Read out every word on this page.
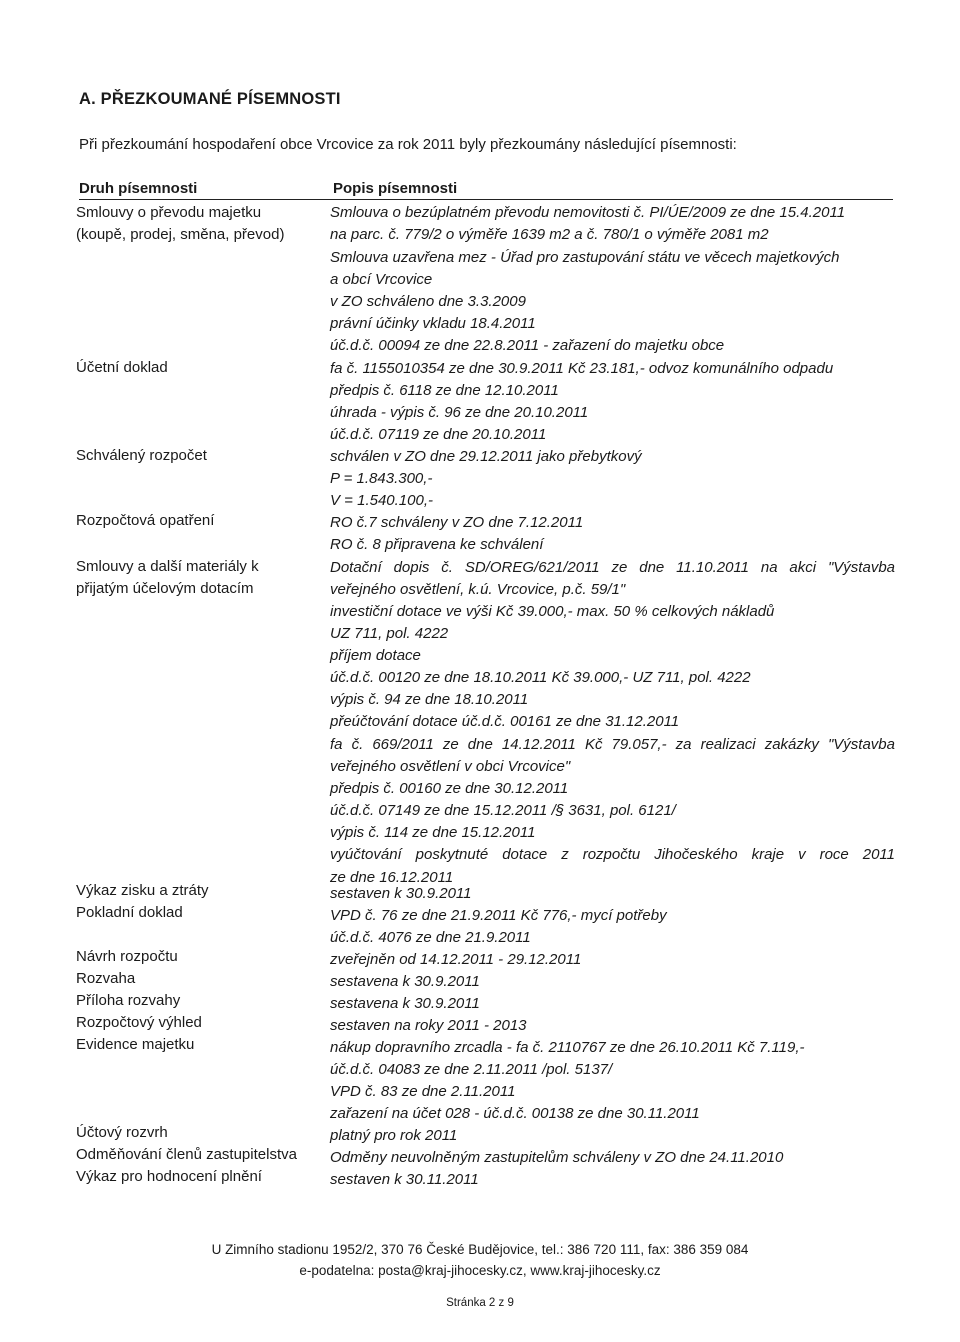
A. PŘEZKOUMANÉ PÍSEMNOSTI
Při přezkoumání hospodaření obce Vrcovice za rok 2011 byly přezkoumány následující písemnosti:
Druh písemnosti	Popis písemnosti
Smlouvy o převodu majetku
(koupě, prodej, směna, převod)
Účetní doklad
Schválený rozpočet
Rozpočtová opatření
Smlouvy a další materiály k
přijatým účelovým dotacím
Výkaz zisku a ztráty
Pokladní doklad
Návrh rozpočtu
Rozvaha
Příloha rozvahy
Rozpočtový výhled
Evidence majetku
Účtový rozvrh
Odměňování členů zastupitelstva
Výkaz pro hodnocení plnění
Smlouva o bezúplatném převodu nemovitosti č. PI/ÚE/2009 ze dne 15.4.2011
na parc. č. 779/2 o výměře 1639 m2 a č. 780/1 o výměře 2081 m2
Smlouva uzavřena mez - Úřad pro zastupování státu ve věcech majetkových
a obcí Vrcovice
v ZO schváleno dne 3.3.2009
právní účinky vkladu 18.4.2011
úč.d.č. 00094 ze dne 22.8.2011 - zařazení do majetku obce
fa č. 1155010354 ze dne 30.9.2011 Kč 23.181,- odvoz komunálního odpadu
předpis č. 6118 ze dne 12.10.2011
úhrada - výpis č. 96 ze dne 20.10.2011
úč.d.č. 07119 ze dne 20.10.2011
schválen v ZO dne 29.12.2011 jako přebytkový
P = 1.843.300,-
V = 1.540.100,-
RO č.7 schváleny v ZO dne 7.12.2011
RO č. 8 připravena ke schválení
Dotační dopis č. SD/OREG/621/2011 ze dne 11.10.2011 na akci "Výstavba
veřejného osvětlení, k.ú. Vrcovice, p.č. 59/1"
investiční dotace ve výši Kč 39.000,- max. 50 % celkových nákladů
UZ 711, pol. 4222
příjem dotace
úč.d.č. 00120 ze dne 18.10.2011 Kč 39.000,- UZ 711, pol. 4222
výpis č. 94 ze dne 18.10.2011
přeúčtování dotace úč.d.č. 00161 ze dne 31.12.2011
fa č. 669/2011 ze dne 14.12.2011 Kč 79.057,- za realizaci zakázky "Výstavba
veřejného osvětlení v obci Vrcovice"
předpis č. 00160 ze dne 30.12.2011
úč.d.č. 07149 ze dne 15.12.2011 /§ 3631, pol. 6121/
výpis č. 114 ze dne 15.12.2011
vyúčtování poskytnuté dotace z rozpočtu Jihočeského kraje v roce 2011
ze dne 16.12.2011
sestaven k 30.9.2011
VPD č. 76 ze dne 21.9.2011 Kč 776,- mycí potřeby
úč.d.č. 4076 ze dne 21.9.2011
zveřejněn od 14.12.2011 - 29.12.2011
sestavena k 30.9.2011
sestavena k 30.9.2011
sestaven na roky 2011 - 2013
nákup dopravního zrcadla - fa č. 2110767 ze dne 26.10.2011 Kč 7.119,-
úč.d.č. 04083 ze dne 2.11.2011 /pol. 5137/
VPD č. 83 ze dne 2.11.2011
zařazení na účet 028 - úč.d.č. 00138 ze dne 30.11.2011
platný pro rok 2011
Odměny neuvolněným zastupitelům schváleny v ZO dne 24.11.2010
sestaven k 30.11.2011
U Zimního stadionu 1952/2, 370 76 České Budějovice, tel.: 386 720 111, fax: 386 359 084
e-podatelna: posta@kraj-jihocesky.cz, www.kraj-jihocesky.cz
Stránka 2 z 9
